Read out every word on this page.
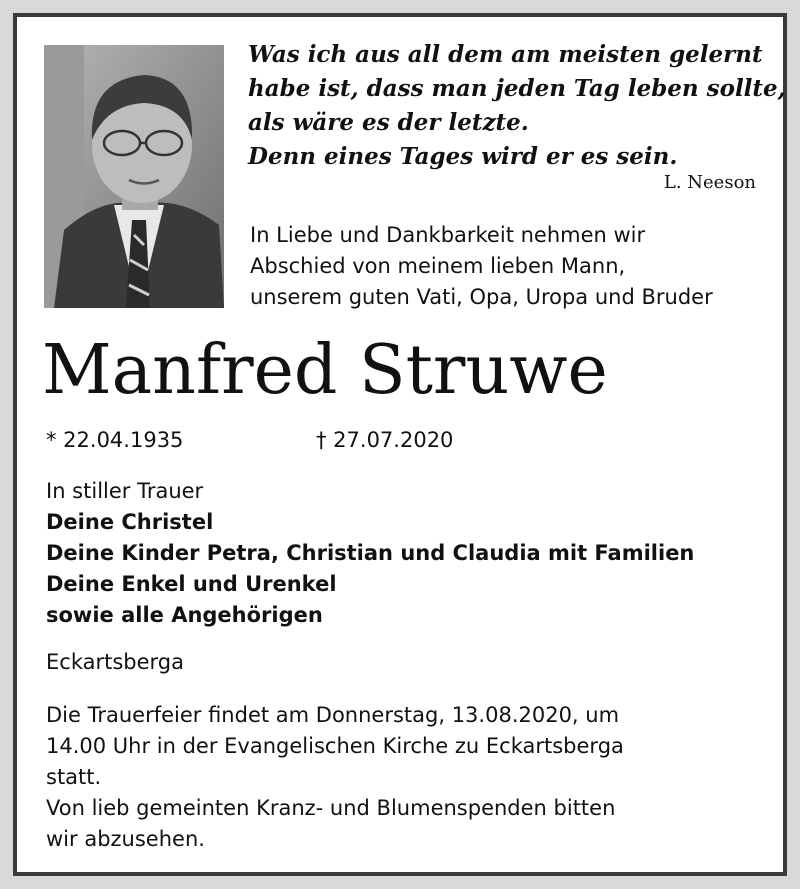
Was ich aus all dem am meisten gelernt
habe ist, dass man jeden Tag leben sollte,
als wäre es der letzte.
Denn eines Tages wird er es sein.
L. Neeson
In Liebe und Dankbarkeit nehmen wir
Abschied von meinem lieben Mann,
unserem guten Vati, Opa, Uropa und Bruder
Manfred Struwe
* 22.04.1935	† 27.07.2020
In stiller Trauer
Deine Christel
Deine Kinder Petra, Christian und Claudia mit Familien
Deine Enkel und Urenkel
sowie alle Angehörigen
Eckartsberga
Die Trauerfeier findet am Donnerstag, 13.08.2020, um
14.00 Uhr in der Evangelischen Kirche zu Eckartsberga
statt.
Von lieb gemeinten Kranz- und Blumenspenden bitten
wir abzusehen.
